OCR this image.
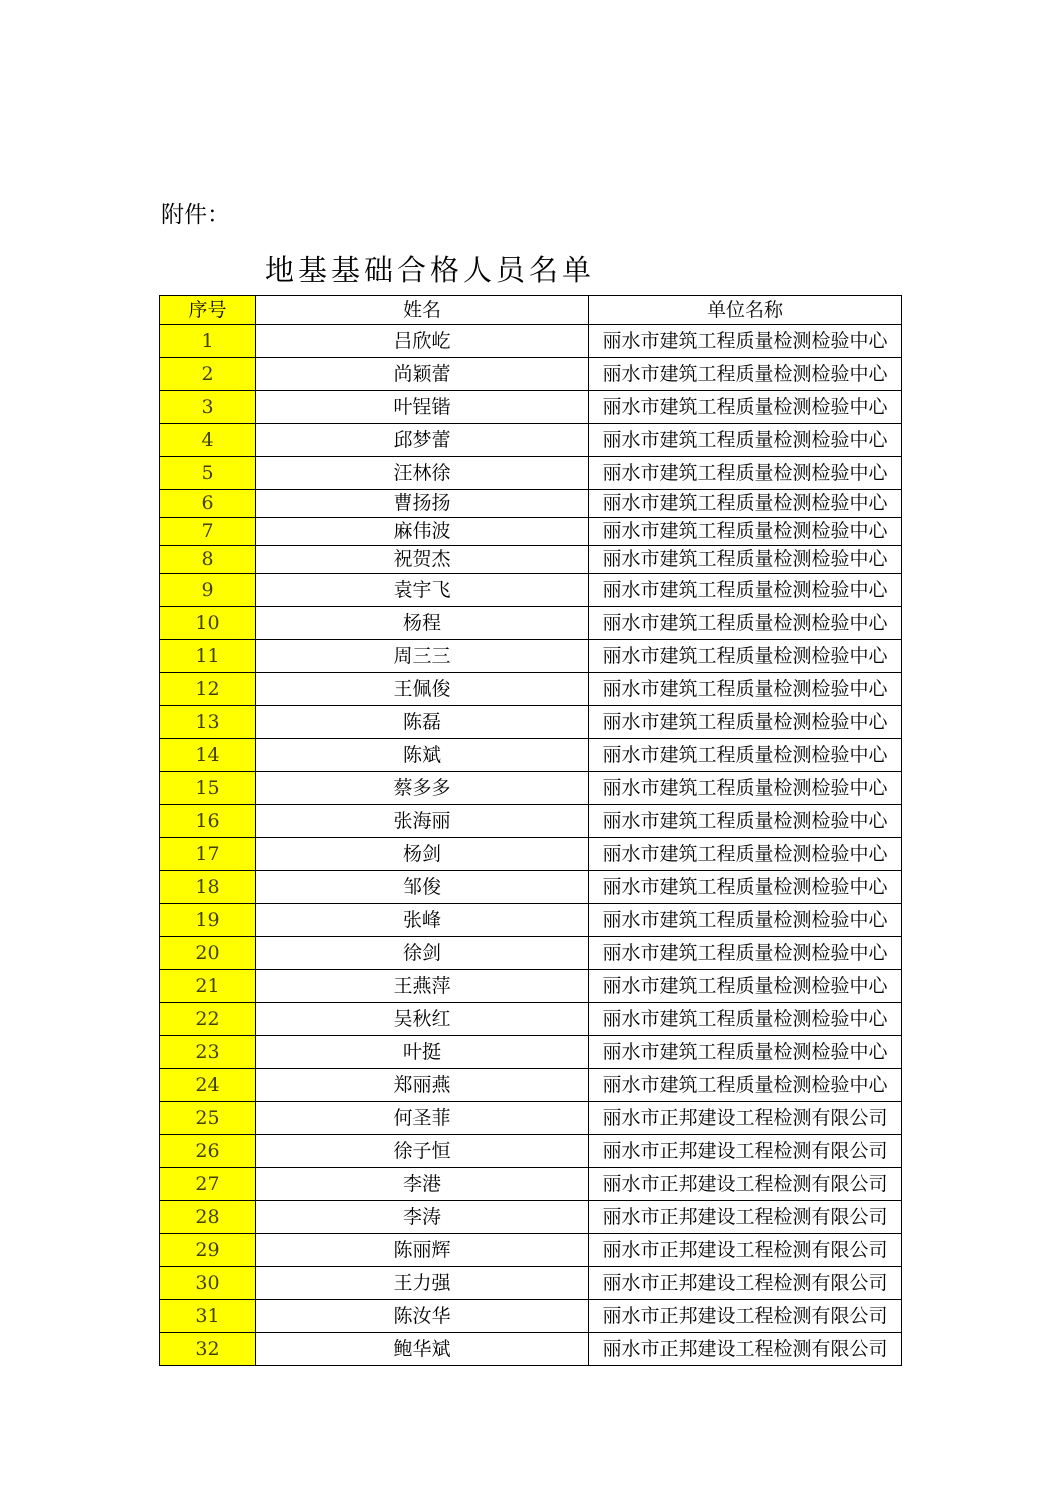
附件：
地基基础合格人员名单
序号	姓名	单位名称
1	吕欣屹	丽水市建筑工程质量检测检验中心
2	尚颖蕾	丽水市建筑工程质量检测检验中心
3	叶锃锴	丽水市建筑工程质量检测检验中心
4	邱梦蕾	丽水市建筑工程质量检测检验中心
5	汪林徐	丽水市建筑工程质量检测检验中心
6	曹扬扬	丽水市建筑工程质量检测检验中心
7	麻伟波	丽水市建筑工程质量检测检验中心
8	祝贺杰	丽水市建筑工程质量检测检验中心
9	袁宇飞	丽水市建筑工程质量检测检验中心
10	杨程	丽水市建筑工程质量检测检验中心
11	周三三	丽水市建筑工程质量检测检验中心
12	王佩俊	丽水市建筑工程质量检测检验中心
13	陈磊	丽水市建筑工程质量检测检验中心
14	陈斌	丽水市建筑工程质量检测检验中心
15	蔡多多	丽水市建筑工程质量检测检验中心
16	张海丽	丽水市建筑工程质量检测检验中心
17	杨剑	丽水市建筑工程质量检测检验中心
18	邹俊	丽水市建筑工程质量检测检验中心
19	张峰	丽水市建筑工程质量检测检验中心
20	徐剑	丽水市建筑工程质量检测检验中心
21	王燕萍	丽水市建筑工程质量检测检验中心
22	吴秋红	丽水市建筑工程质量检测检验中心
23	叶挺	丽水市建筑工程质量检测检验中心
24	郑丽燕	丽水市建筑工程质量检测检验中心
25	何圣菲	丽水市正邦建设工程检测有限公司
26	徐子恒	丽水市正邦建设工程检测有限公司
27	李港	丽水市正邦建设工程检测有限公司
28	李涛	丽水市正邦建设工程检测有限公司
29	陈丽辉	丽水市正邦建设工程检测有限公司
30	王力强	丽水市正邦建设工程检测有限公司
31	陈汝华	丽水市正邦建设工程检测有限公司
32	鲍华斌	丽水市正邦建设工程检测有限公司
